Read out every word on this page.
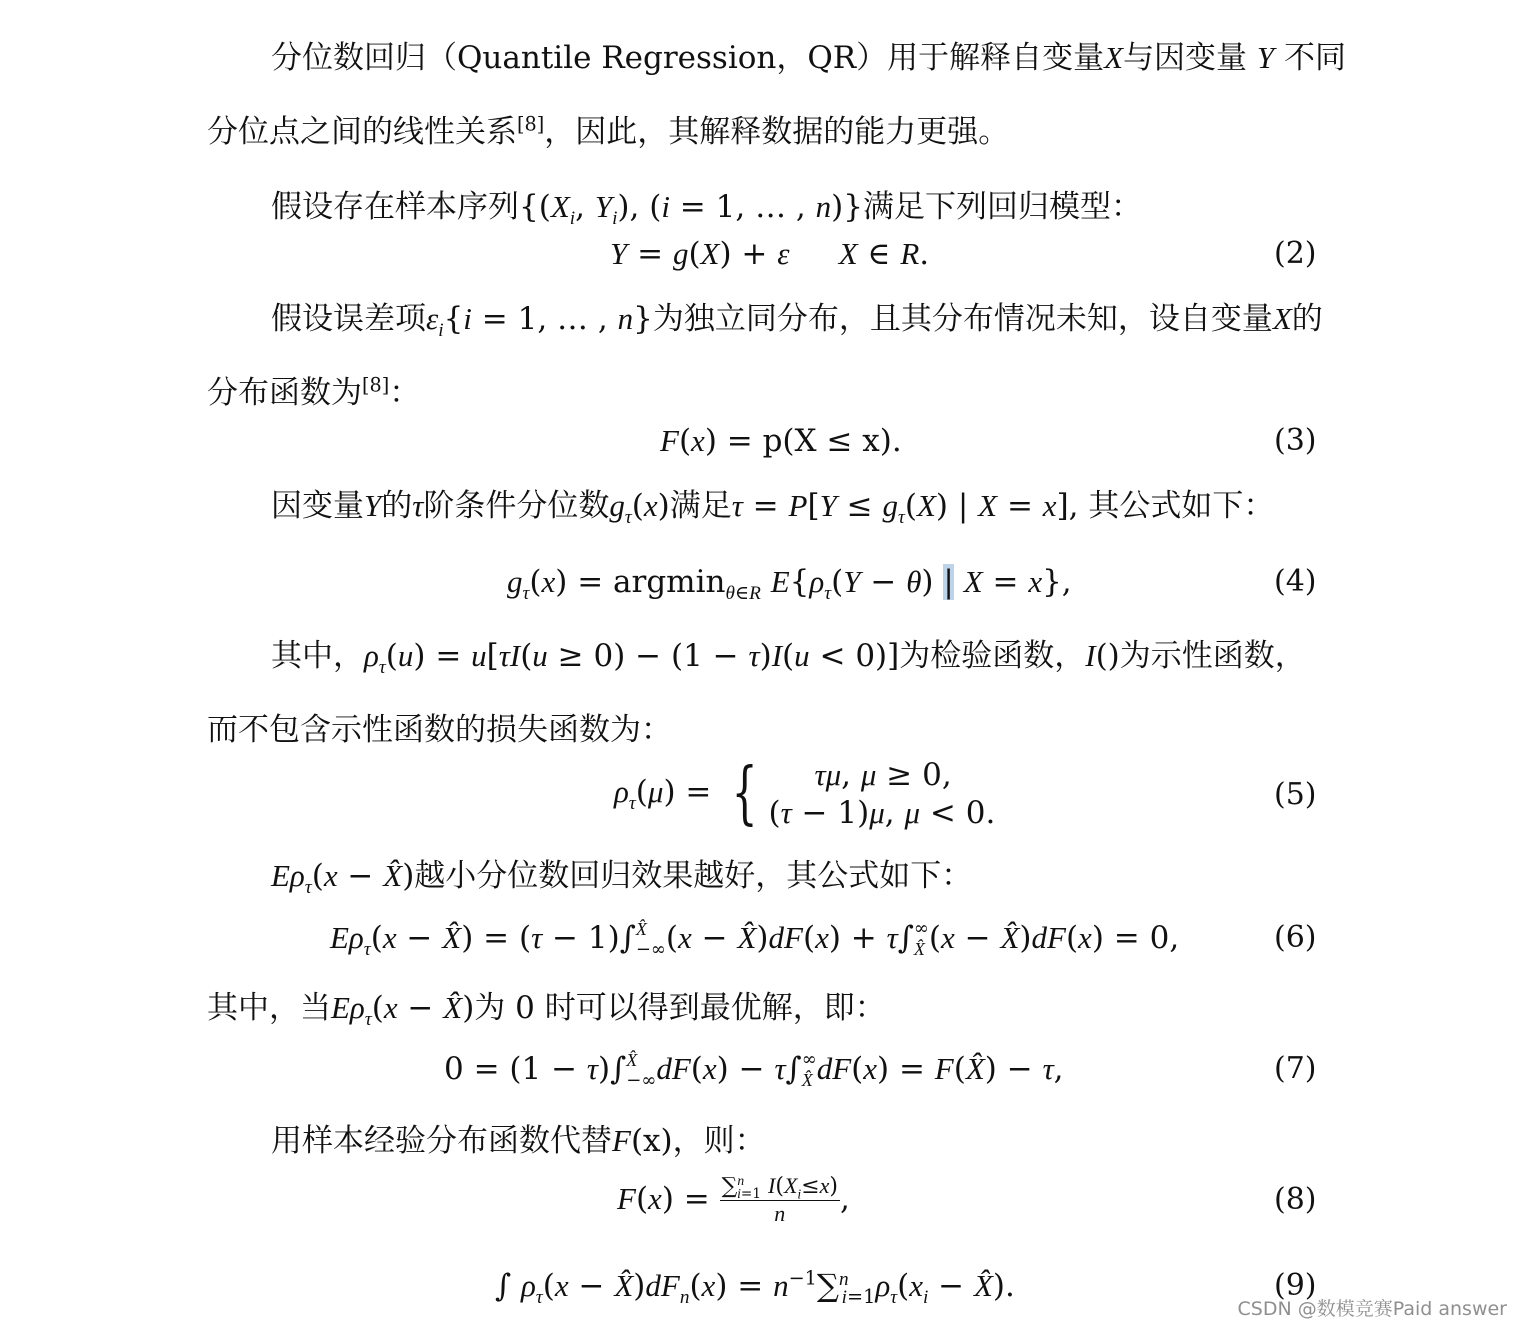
分位数回归（Quantile Regression，QR）用于解释自变量X与因变量 Y 不同
分位点之间的线性关系[8]，因此，其解释数据的能力更强。
假设存在样本序列{($X_i$, $Y_i$), (i = 1, … , n)}满足下列回归模型：
Y = g(X) + ε X ∈ R.	(2)
假设误差项$\varepsilon_i\{i = 1$, … , n}为独立同分布，且其分布情况未知，设自变量X的
分布函数为[8]：
F(x) = p(X ≤ x).	(3)
因变量Y的τ阶条件分位数$g_\tau(x)$满足$\tau = P[Y \le g_\tau(X)$ | X = x], 其公式如下：
$g_\tau(x) = argmin_{\theta\in R}$ $E\{\rho_\tau(Y - \theta)$ | X = x},	(4)
其中，$\rho_\tau(u) = u[\tau I(u \ge 0) - (1 - \tau)I(u < 0)]$为检验函数，I()为示性函数，
而不包含示性函数的损失函数为：
$\rho_\tau(\mu)$ = {	τμ, μ ≥ 0,
(τ − 1)μ, μ < 0.	(5)
$E\rho_\tau(x$ − X̂)越小分位数回归效果越好，其公式如下：
$E\rho_\tau(x$ − X̂) = (τ − 1)∫ X̂
−∞ (x − X̂)dF(x) + τ∫ ∞
X̂ (x − X̂)dF(x) = 0,	(6)
其中，当$E\rho_\tau(x$ − X̂)为 0 时可以得到最优解，即：
0 = (1 − τ)∫ X̂
−∞ dF(x) − τ∫ ∞
X̂ dF(x) = F(X̂) − τ,	(7)
用样本经验分布函数代替F(x)，则：
$F(x) = \frac{\sum^n_{i=1} I(X_i\le x)}{n}$ ,	(8)
∫ $\rho_\tau(x$ − $X̂)dF_n(x) = n^{-1}\sum^n_{i=1}\rho_\tau(x_i$ − X̂).	(9)
CSDN @数模竞赛Paid answer
